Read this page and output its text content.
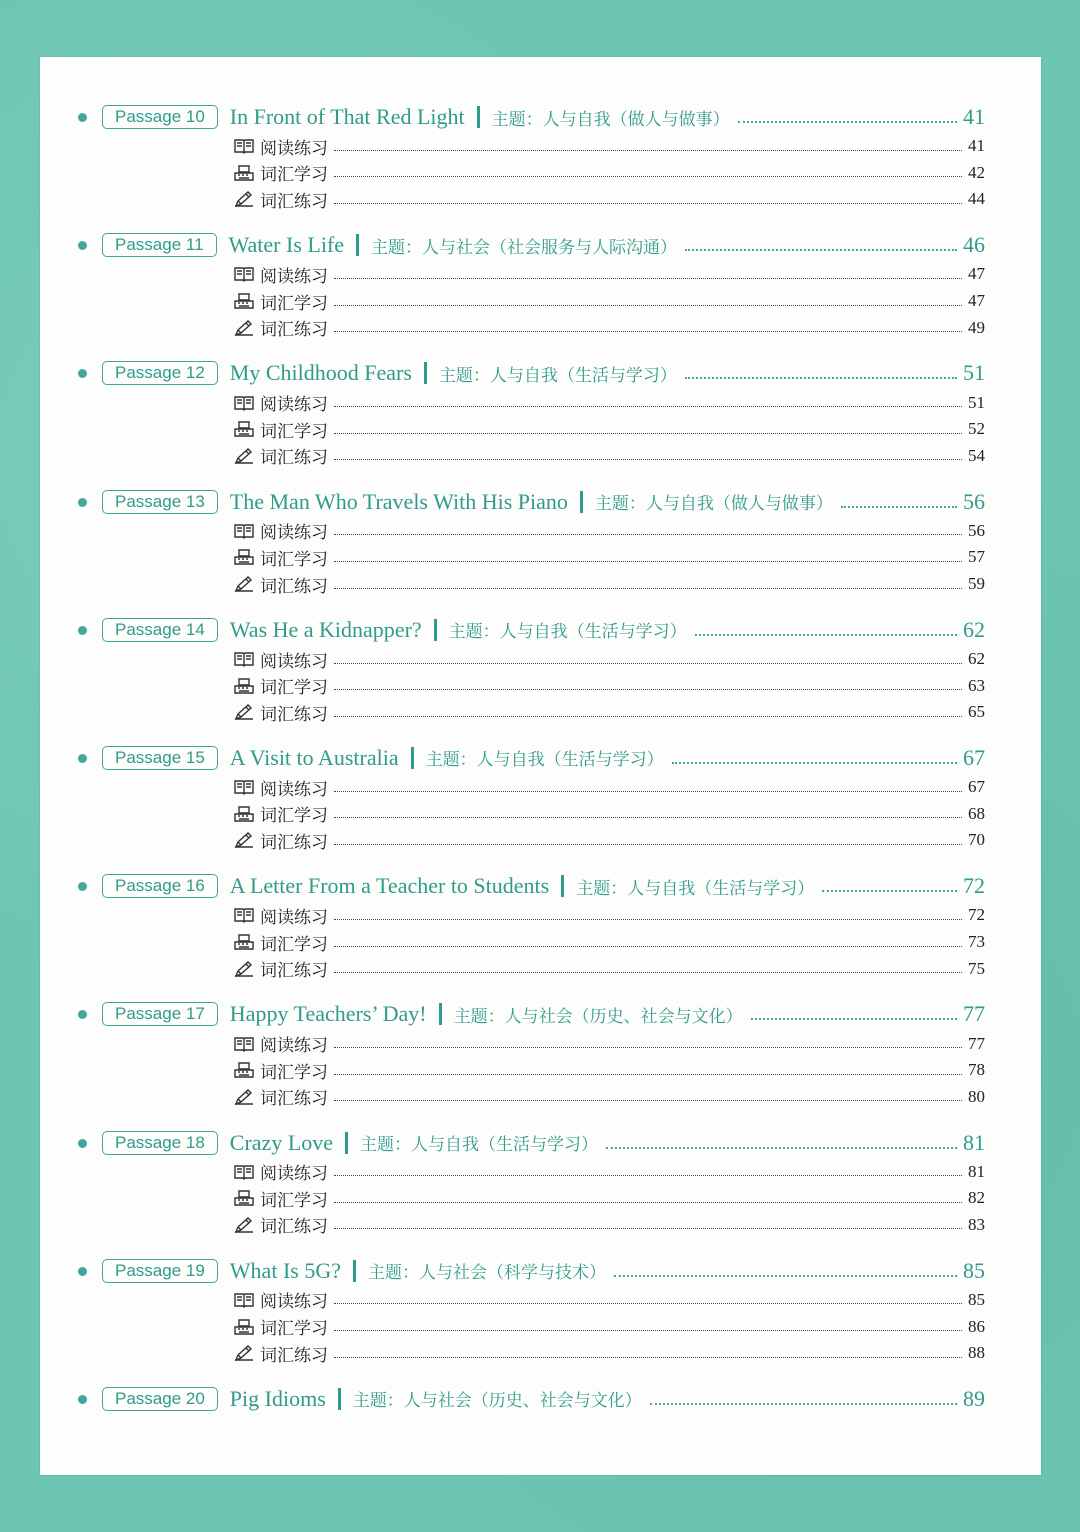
Passage 10	In Front of That Red Light 主题：人与自我（做人与做事）	41
阅读练习	41
词汇学习	42
词汇练习	44
Passage 11	Water Is Life 主题：人与社会（社会服务与人际沟通）	46
阅读练习	47
词汇学习	47
词汇练习	49
Passage 12	My Childhood Fears 主题：人与自我（生活与学习）	51
阅读练习	51
词汇学习	52
词汇练习	54
Passage 13	The Man Who Travels With His Piano 主题：人与自我（做人与做事）	56
阅读练习	56
词汇学习	57
词汇练习	59
Passage 14	Was He a Kidnapper? 主题：人与自我（生活与学习）	62
阅读练习	62
词汇学习	63
词汇练习	65
Passage 15	A Visit to Australia 主题：人与自我（生活与学习）	67
阅读练习	67
词汇学习	68
词汇练习	70
Passage 16	A Letter From a Teacher to Students 主题：人与自我（生活与学习）	72
阅读练习	72
词汇学习	73
词汇练习	75
Passage 17	Happy Teachers’ Day! 主题：人与社会（历史、社会与文化）	77
阅读练习	77
词汇学习	78
词汇练习	80
Passage 18	Crazy Love 主题：人与自我（生活与学习）	81
阅读练习	81
词汇学习	82
词汇练习	83
Passage 19	What Is 5G? 主题：人与社会（科学与技术）	85
阅读练习	85
词汇学习	86
词汇练习	88
Passage 20	Pig Idioms 主题：人与社会（历史、社会与文化）	89
